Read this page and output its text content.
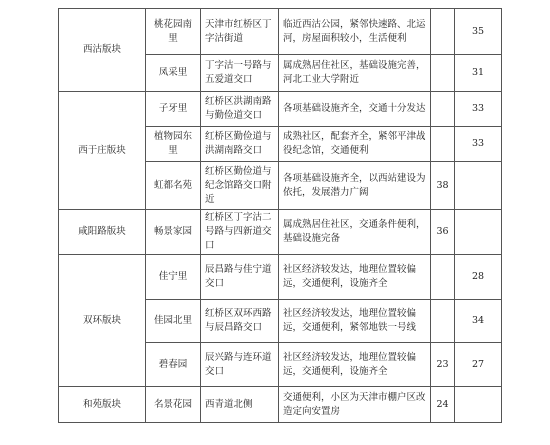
西沽版块	桃花园南里	天津市红桥区丁字沽街道	临近西沽公园，紧邻快速路、北运河，房屋面积较小，生活便利		35
	凤采里	丁字沽一号路与五爱道交口	属成熟居住社区，基础设施完善，河北工业大学附近		31
西于庄版块	子牙里	红桥区洪湖南路与勤俭道交口	各项基础设施齐全，交通十分发达		33
	植物园东里	红桥区勤俭道与洪湖南路交口	成熟社区，配套齐全，紧邻平津战役纪念馆，交通便利		33
	虹都名苑	红桥区勤俭道与纪念馆路交口附近	各项基础设施齐全，以西站建设为依托，发展潜力广阔	38	
咸阳路版块	畅景家园	红桥区丁字沽二号路与四新道交口	属成熟居住社区，交通条件便利，基础设施完备	36	
双环版块	佳宁里	辰昌路与佳宁道交口	社区经济较发达，地理位置较偏远，交通便利，设施齐全		28
	佳园北里	红桥区双环西路与辰昌路交口	社区经济较发达，地理位置较偏远，交通便利，紧邻地铁一号线		34
	碧春园	辰兴路与连环道交口	社区经济较发达，地理位置较偏远，交通便利，设施齐全	23	27
和苑版块	名景花园	西青道北侧	交通便利，小区为天津市棚户区改造定向安置房	24	
